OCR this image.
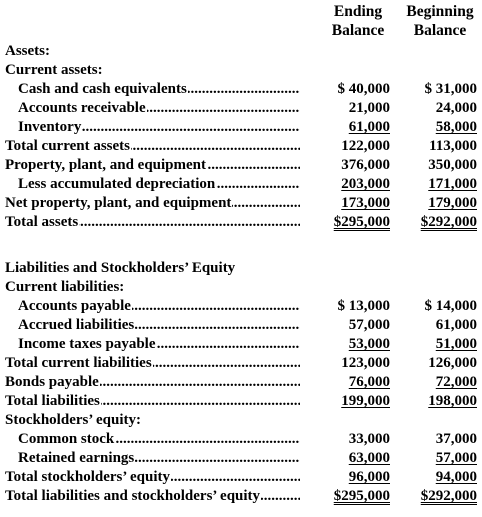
Ending
Balance
Beginning
Balance
Assets:
Current assets:
Cash and cash equivalents .....	$ 40,000	$ 31,000
Accounts receivable .....	21,000	24,000
Inventory .....	61,000	58,000
Total current assets .....	122,000	113,000
Property, plant, and equipment .....	376,000	350,000
Less accumulated depreciation .....	203,000	171,000
Net property, plant, and equipment .....	173,000	179,000
Total assets .....	$295,000	$292,000
Liabilities and Stockholders’ Equity
Current liabilities:
Accounts payable .....	$ 13,000	$ 14,000
Accrued liabilities .....	57,000	61,000
Income taxes payable .....	53,000	51,000
Total current liabilities .....	123,000	126,000
Bonds payable .....	76,000	72,000
Total liabilities .....	199,000	198,000
Stockholders’ equity:
Common stock .....	33,000	37,000
Retained earnings .....	63,000	57,000
Total stockholders’ equity .....	96,000	94,000
Total liabilities and stockholders’ equity .....	$295,000	$292,000
